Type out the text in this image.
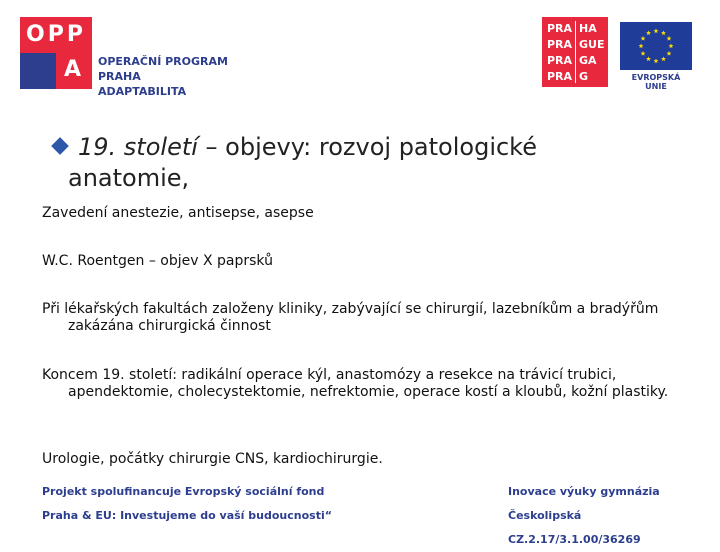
OPP
A OPERAČNÍ PROGRAM PRAHA
ADAPTABILITA
PRA HA
PRA GUE
PRA GA
PRA G	EVROPSKÁ UNIE
19. století – objevy: rozvoj patologické
anatomie,
Zavedení anestezie, antisepse, asepse
W.C. Roentgen – objev X paprsků
Při lékařských fakultách založeny kliniky, zabývající se chirurgií, lazebníkům a bradýřům
zakázána chirurgická činnost
Koncem 19. století: radikální operace kýl, anastomózy a resekce na trávicí trubici,
apendektomie, cholecystektomie, nefrektomie, operace kostí a kloubů, kožní plastiky.
Urologie, počátky chirurgie CNS, kardiochirurgie.
Projekt spolufinancuje Evropský sociální fond
Praha & EU: Investujeme do vaší budoucnosti“
Inovace výuky gymnázia Českolipská
CZ.2.17/3.1.00/36269
